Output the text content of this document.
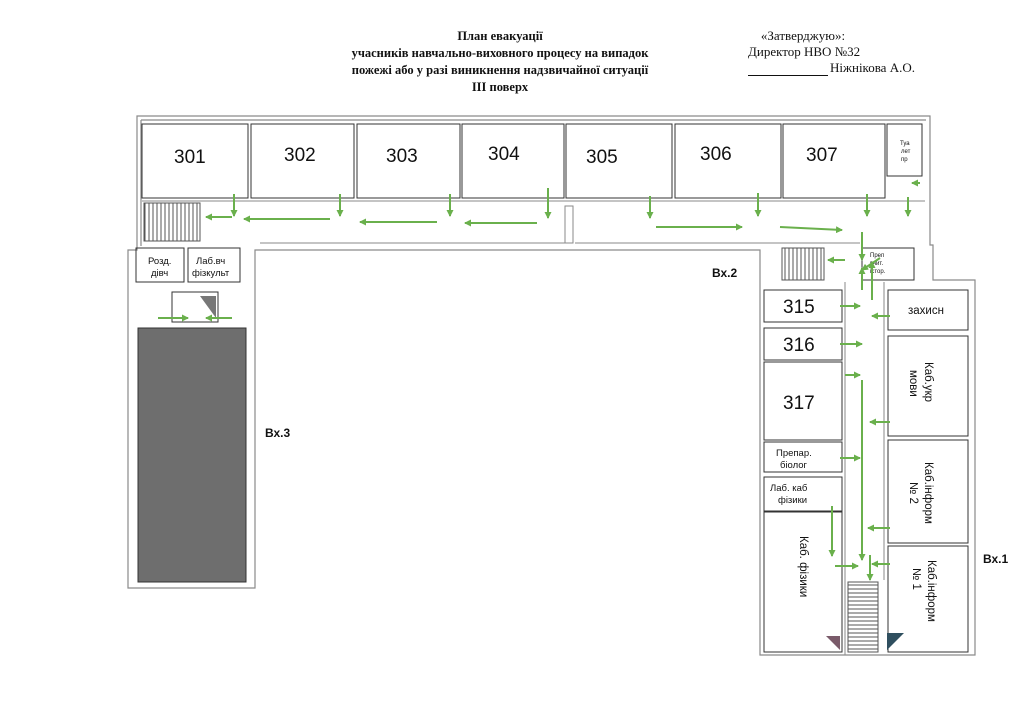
План евакуації
учасників навчально-виховного процесу на випадок
пожежі або у разі виникнення надзвичайної ситуації
ІІІ поверх
«Затверджую»:
Директор НВО №32
Ніжнікова А.О.
301	302	303	304	305	306	307
315
316
317
Туа
лет
пр
Розд.
дівч
Лаб.вч
фізкульт
Преп
вчит.
істор.
захисн
Препар.
біолог
Лаб. каб
фізики
Каб. фізики
Каб.укр
мови
Каб.інформ
№ 2
Каб.інформ
№ 1
Вх.2
Вх.3
Вх.1
